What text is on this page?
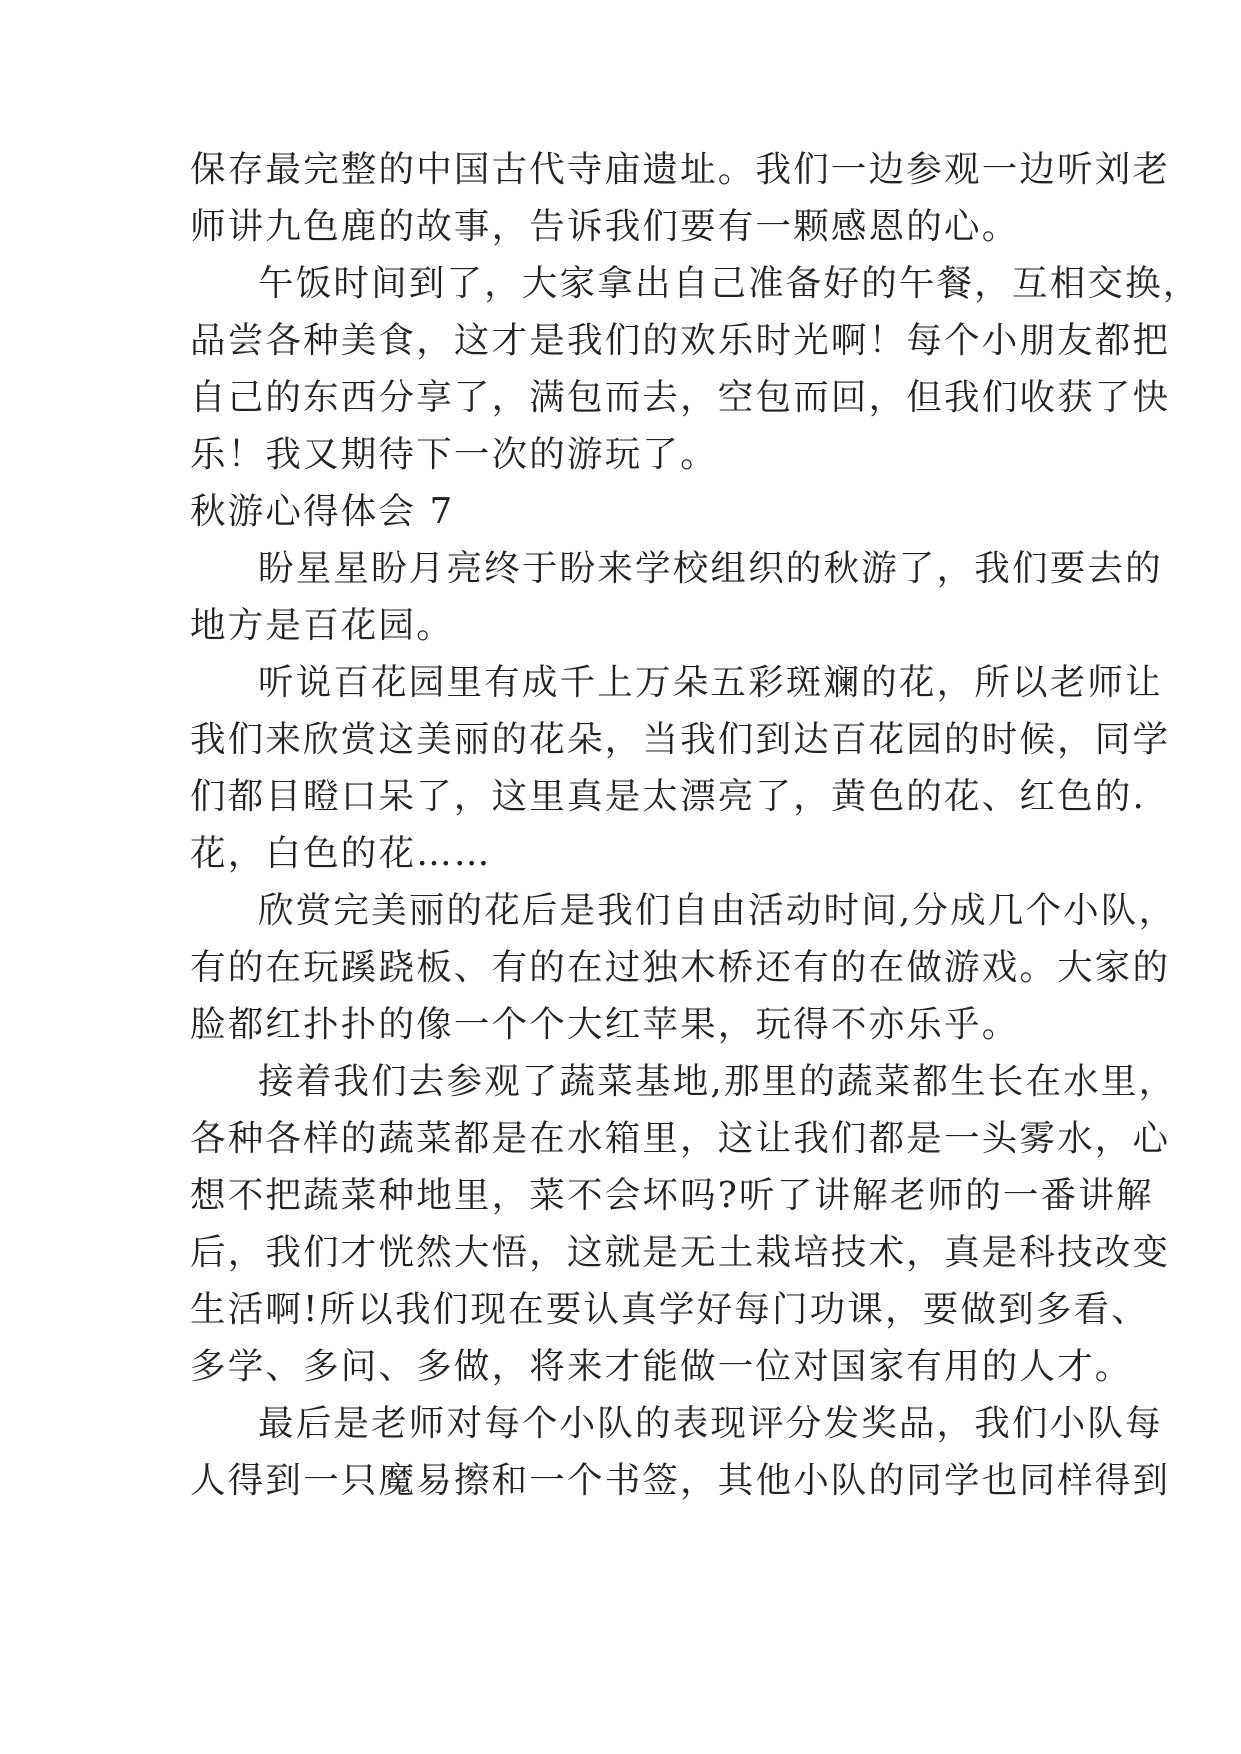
保存最完整的中国古代寺庙遗址。我们一边参观一边听刘老
师讲九色鹿的故事，告诉我们要有一颗感恩的心。
午饭时间到了，大家拿出自己准备好的午餐，互相交换，
品尝各种美食，这才是我们的欢乐时光啊！每个小朋友都把
自己的东西分享了，满包而去，空包而回，但我们收获了快
乐！我又期待下一次的游玩了。
秋游心得体会 7
盼星星盼月亮终于盼来学校组织的秋游了，我们要去的
地方是百花园。
听说百花园里有成千上万朵五彩斑斓的花，所以老师让
我们来欣赏这美丽的花朵，当我们到达百花园的时候，同学
们都目瞪口呆了，这里真是太漂亮了，黄色的花、红色的.
花，白色的花……
欣赏完美丽的花后是我们自由活动时间,分成几个小队，
有的在玩蹊跷板、有的在过独木桥还有的在做游戏。大家的
脸都红扑扑的像一个个大红苹果，玩得不亦乐乎。
接着我们去参观了蔬菜基地,那里的蔬菜都生长在水里，
各种各样的蔬菜都是在水箱里，这让我们都是一头雾水，心
想不把蔬菜种地里，菜不会坏吗?听了讲解老师的一番讲解
后，我们才恍然大悟，这就是无土栽培技术，真是科技改变
生活啊!所以我们现在要认真学好每门功课，要做到多看、
多学、多问、多做，将来才能做一位对国家有用的人才。
最后是老师对每个小队的表现评分发奖品，我们小队每
人得到一只魔易擦和一个书签，其他小队的同学也同样得到
